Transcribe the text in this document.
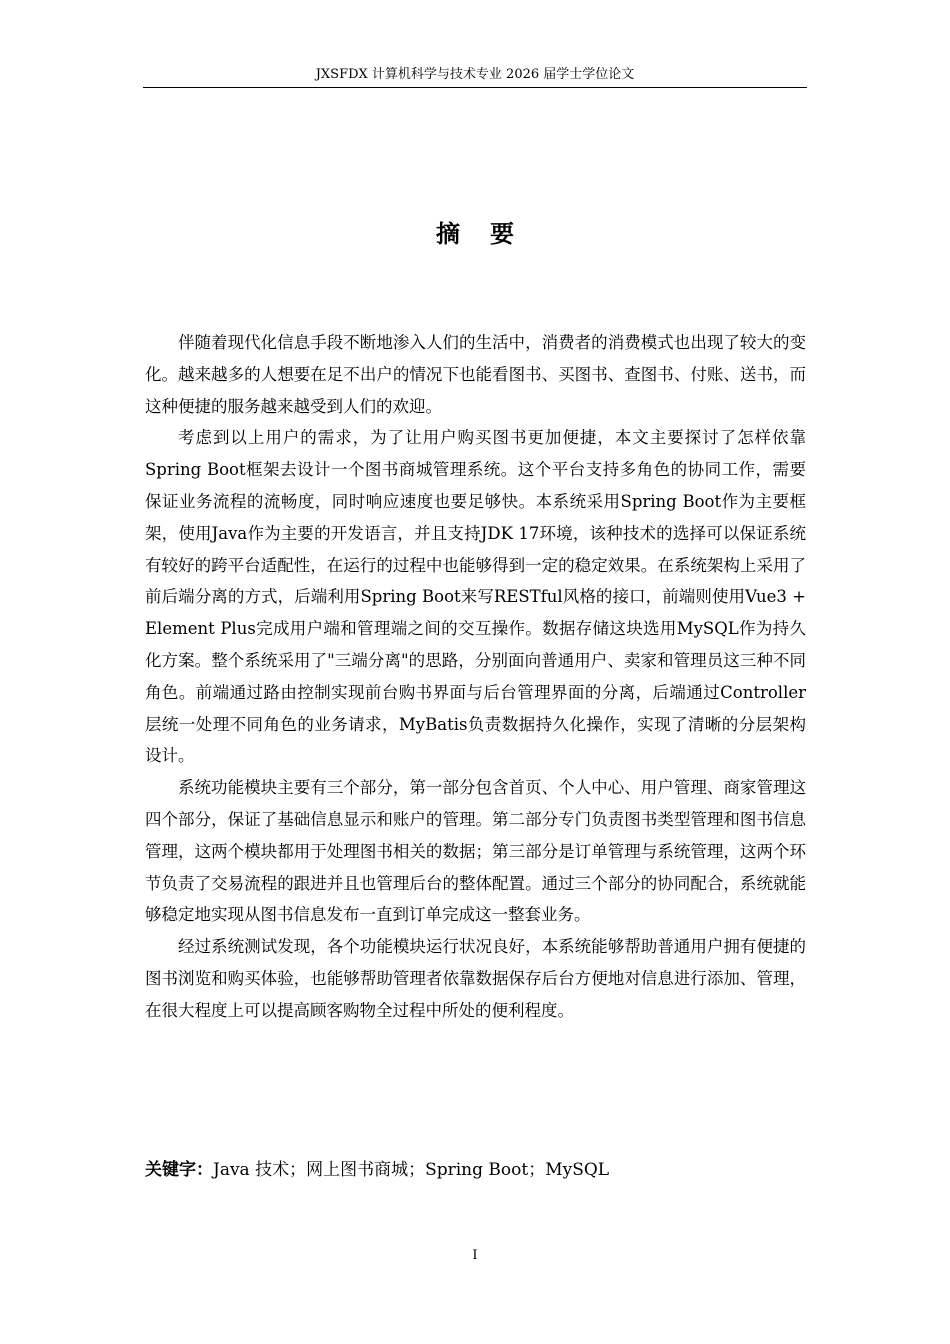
JXSFDX 计算机科学与技术专业 2026 届学士学位论文
摘要

伴随着现代化信息手段不断地渗入人们的生活中，消费者的消费模式也出现了较大的变化。越来越多的人想要在足不出户的情况下也能看图书、买图书、查图书、付账、送书，而这种便捷的服务越来越受到人们的欢迎。

考虑到以上用户的需求，为了让用户购买图书更加便捷，本文主要探讨了怎样依靠Spring Boot框架去设计一个图书商城管理系统。这个平台支持多角色的协同工作，需要保证业务流程的流畅度，同时响应速度也要足够快。本系统采用Spring Boot作为主要框架，使用Java作为主要的开发语言，并且支持JDK 17环境，该种技术的选择可以保证系统有较好的跨平台适配性，在运行的过程中也能够得到一定的稳定效果。在系统架构上采用了前后端分离的方式，后端利用Spring Boot来写RESTful风格的接口，前端则使用Vue3 + Element Plus完成用户端和管理端之间的交互操作。数据存储这块选用MySQL作为持久化方案。整个系统采用了"三端分离"的思路，分别面向普通用户、卖家和管理员这三种不同角色。前端通过路由控制实现前台购书界面与后台管理界面的分离，后端通过Controller层统一处理不同角色的业务请求，MyBatis负责数据持久化操作，实现了清晰的分层架构设计。

系统功能模块主要有三个部分，第一部分包含首页、个人中心、用户管理、商家管理这四个部分，保证了基础信息显示和账户的管理。第二部分专门负责图书类型管理和图书信息管理，这两个模块都用于处理图书相关的数据；第三部分是订单管理与系统管理，这两个环节负责了交易流程的跟进并且也管理后台的整体配置。通过三个部分的协同配合，系统就能够稳定地实现从图书信息发布一直到订单完成这一整套业务。

经过系统测试发现，各个功能模块运行状况良好，本系统能够帮助普通用户拥有便捷的图书浏览和购买体验，也能够帮助管理者依靠数据保存后台方便地对信息进行添加、管理，在很大程度上可以提高顾客购物全过程中所处的便利程度。

关键字：Java 技术；网上图书商城；Spring Boot；MySQL
I
